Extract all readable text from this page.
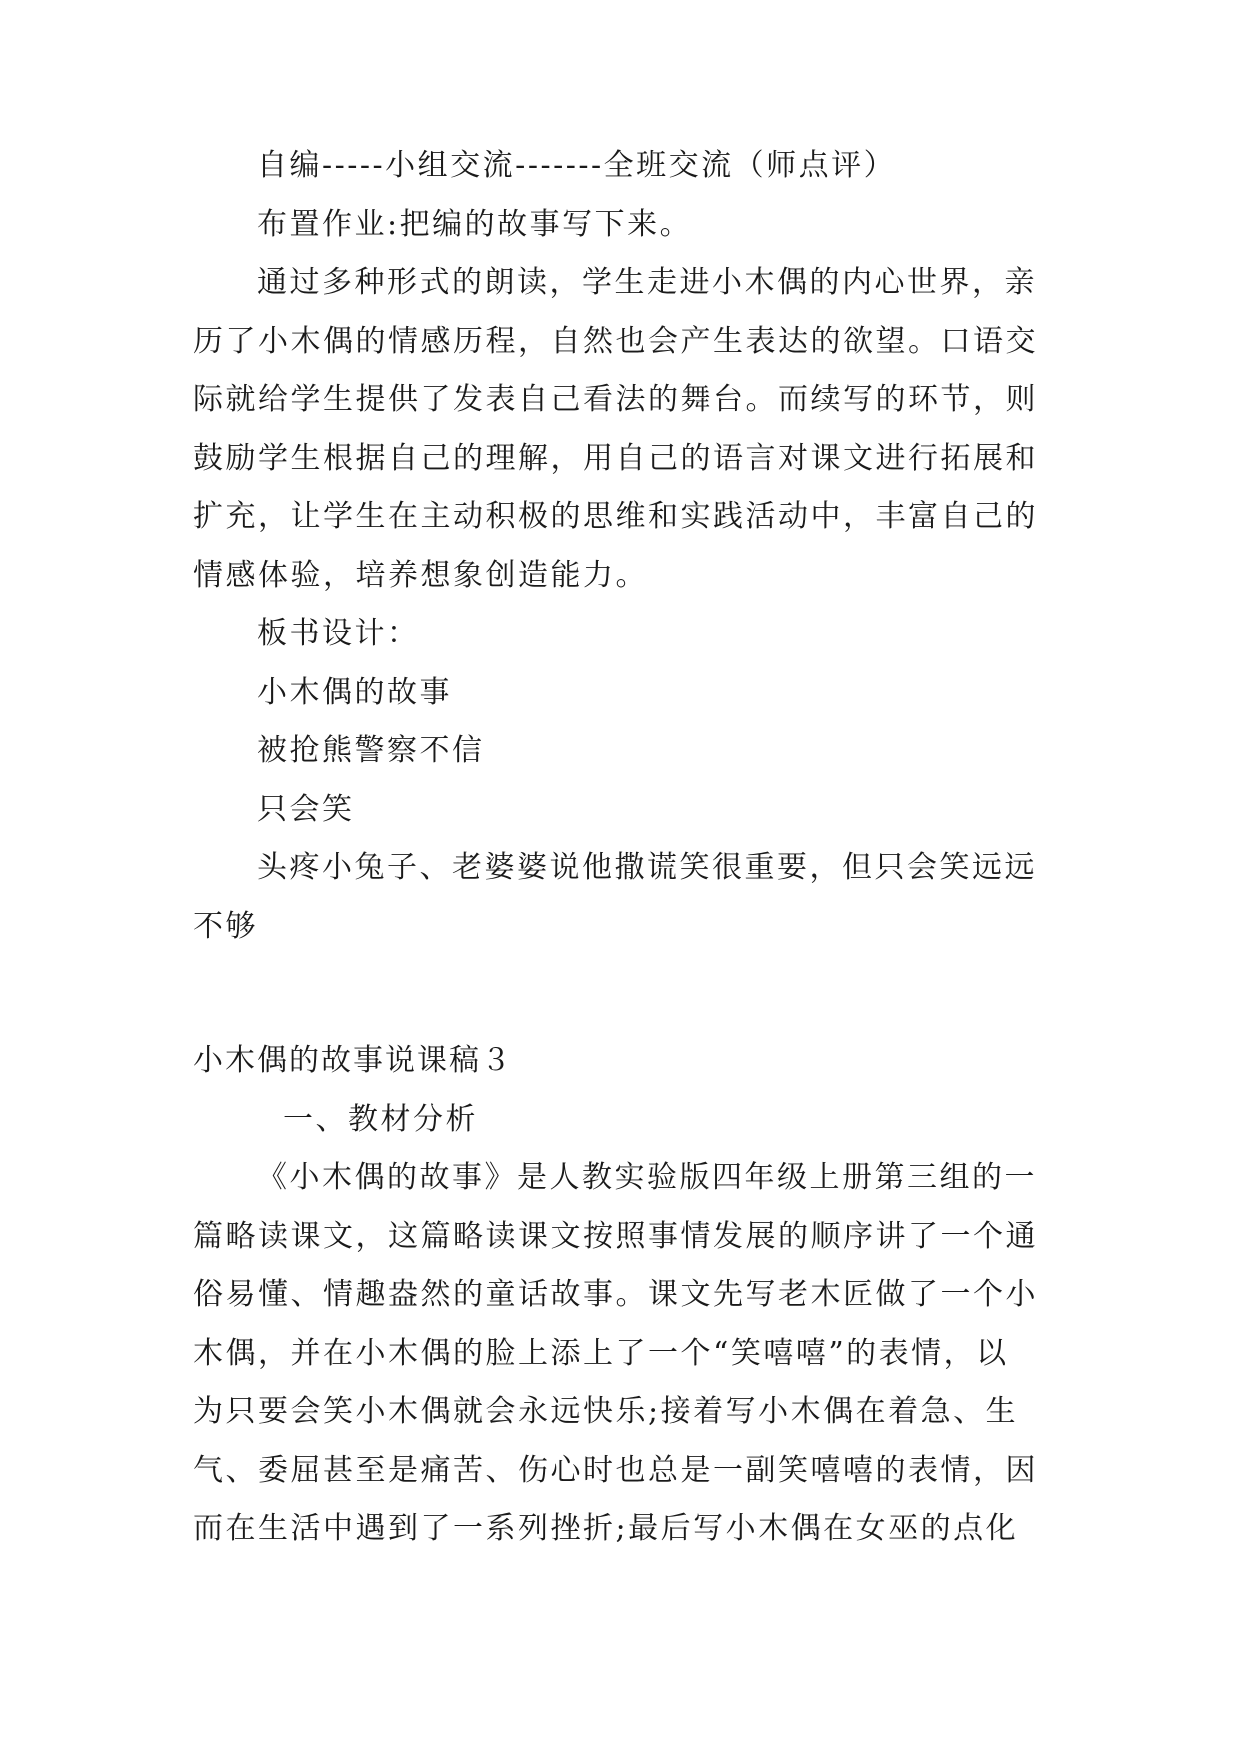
自编-----小组交流-------全班交流（师点评）
布置作业:把编的故事写下来。
通过多种形式的朗读，学生走进小木偶的内心世界，亲
历了小木偶的情感历程，自然也会产生表达的欲望。口语交
际就给学生提供了发表自己看法的舞台。而续写的环节，则
鼓励学生根据自己的理解，用自己的语言对课文进行拓展和
扩充，让学生在主动积极的思维和实践活动中，丰富自己的
情感体验，培养想象创造能力。
板书设计：
小木偶的故事
被抢熊警察不信
只会笑
头疼小兔子、老婆婆说他撒谎笑很重要，但只会笑远远
不够
小木偶的故事说课稿３
一、教材分析
《小木偶的故事》是人教实验版四年级上册第三组的一
篇略读课文，这篇略读课文按照事情发展的顺序讲了一个通
俗易懂、情趣盎然的童话故事。课文先写老木匠做了一个小
木偶，并在小木偶的脸上添上了一个“笑嘻嘻”的表情，以
为只要会笑小木偶就会永远快乐;接着写小木偶在着急、生
气、委屈甚至是痛苦、伤心时也总是一副笑嘻嘻的表情，因
而在生活中遇到了一系列挫折;最后写小木偶在女巫的点化
